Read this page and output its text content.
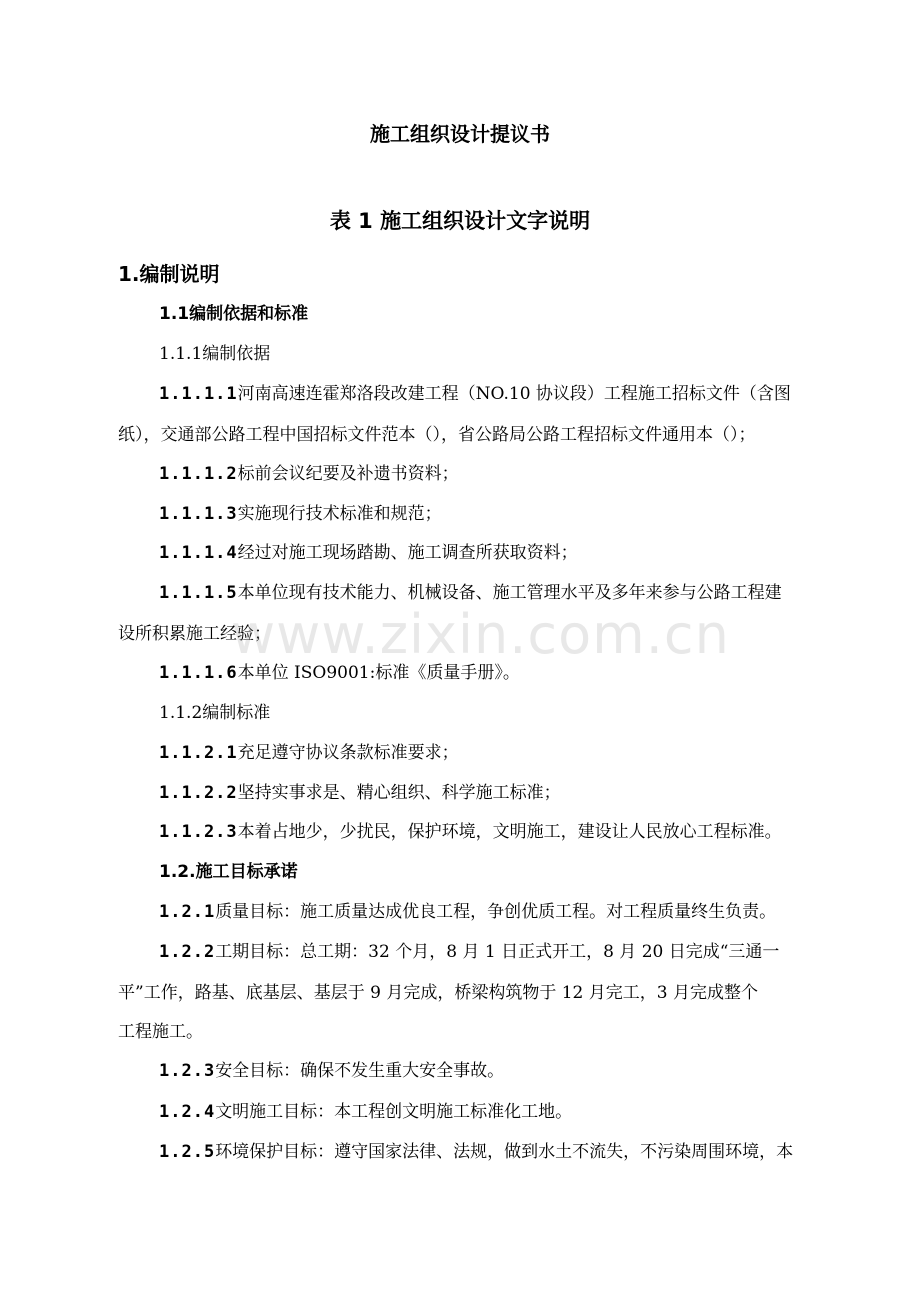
施工组织设计提议书
表 1 施工组织设计文字说明
1.编制说明
1.1编制依据和标准
1.1.1编制依据
1.1.1.1河南高速连霍郑洛段改建工程（NO.10 协议段）工程施工招标文件（含图
纸），交通部公路工程中国招标文件范本（），省公路局公路工程招标文件通用本（）；
1.1.1.2标前会议纪要及补遗书资料；
1.1.1.3实施现行技术标准和规范；
1.1.1.4经过对施工现场踏勘、施工调查所获取资料；
1.1.1.5本单位现有技术能力、机械设备、施工管理水平及多年来参与公路工程建
设所积累施工经验；
1.1.1.6本单位 ISO9001:标准《质量手册》。
1.1.2编制标准
1.1.2.1充足遵守协议条款标准要求；
1.1.2.2坚持实事求是、精心组织、科学施工标准；
1.1.2.3本着占地少，少扰民，保护环境，文明施工，建设让人民放心工程标准。
1.2.施工目标承诺
1.2.1质量目标：施工质量达成优良工程，争创优质工程。对工程质量终生负责。
1.2.2工期目标：总工期：32 个月，8 月 1 日正式开工，8 月 20 日完成“三通一
平”工作，路基、底基层、基层于 9 月完成，桥梁构筑物于 12 月完工，3 月完成整个
工程施工。
1.2.3安全目标：确保不发生重大安全事故。
1.2.4文明施工目标：本工程创文明施工标准化工地。
1.2.5环境保护目标：遵守国家法律、法规，做到水土不流失，不污染周围环境，本
www.zixin.com.cn
